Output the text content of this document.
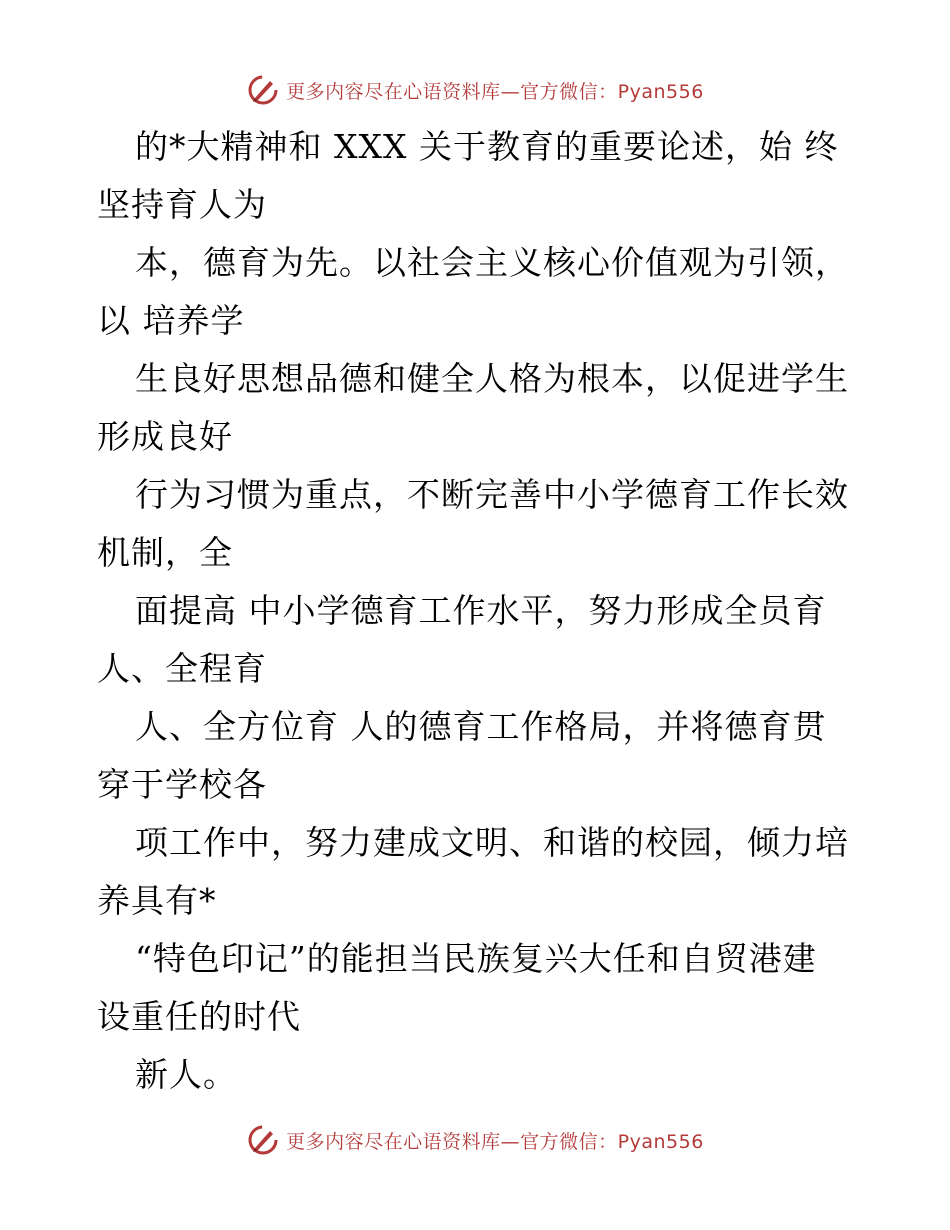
更多内容尽在心语资料库—官方微信：Pyan556
的*大精神和 XXX 关于教育的重要论述，始 终
坚持育人为
本，德育为先。以社会主义核心价值观为引领，
以 培养学
生良好思想品德和健全人格为根本，以促进学生
形成良好
行为习惯为重点，不断完善中小学德育工作长效
机制，全
面提高 中小学德育工作水平，努力形成全员育
人、全程育
人、全方位育 人的德育工作格局，并将德育贯
穿于学校各
项工作中，努力建成文明、和谐的校园，倾力培
养具有*
“特色印记”的能担当民族复兴大任和自贸港建
设重任的时代
新人。
更多内容尽在心语资料库—官方微信：Pyan556
